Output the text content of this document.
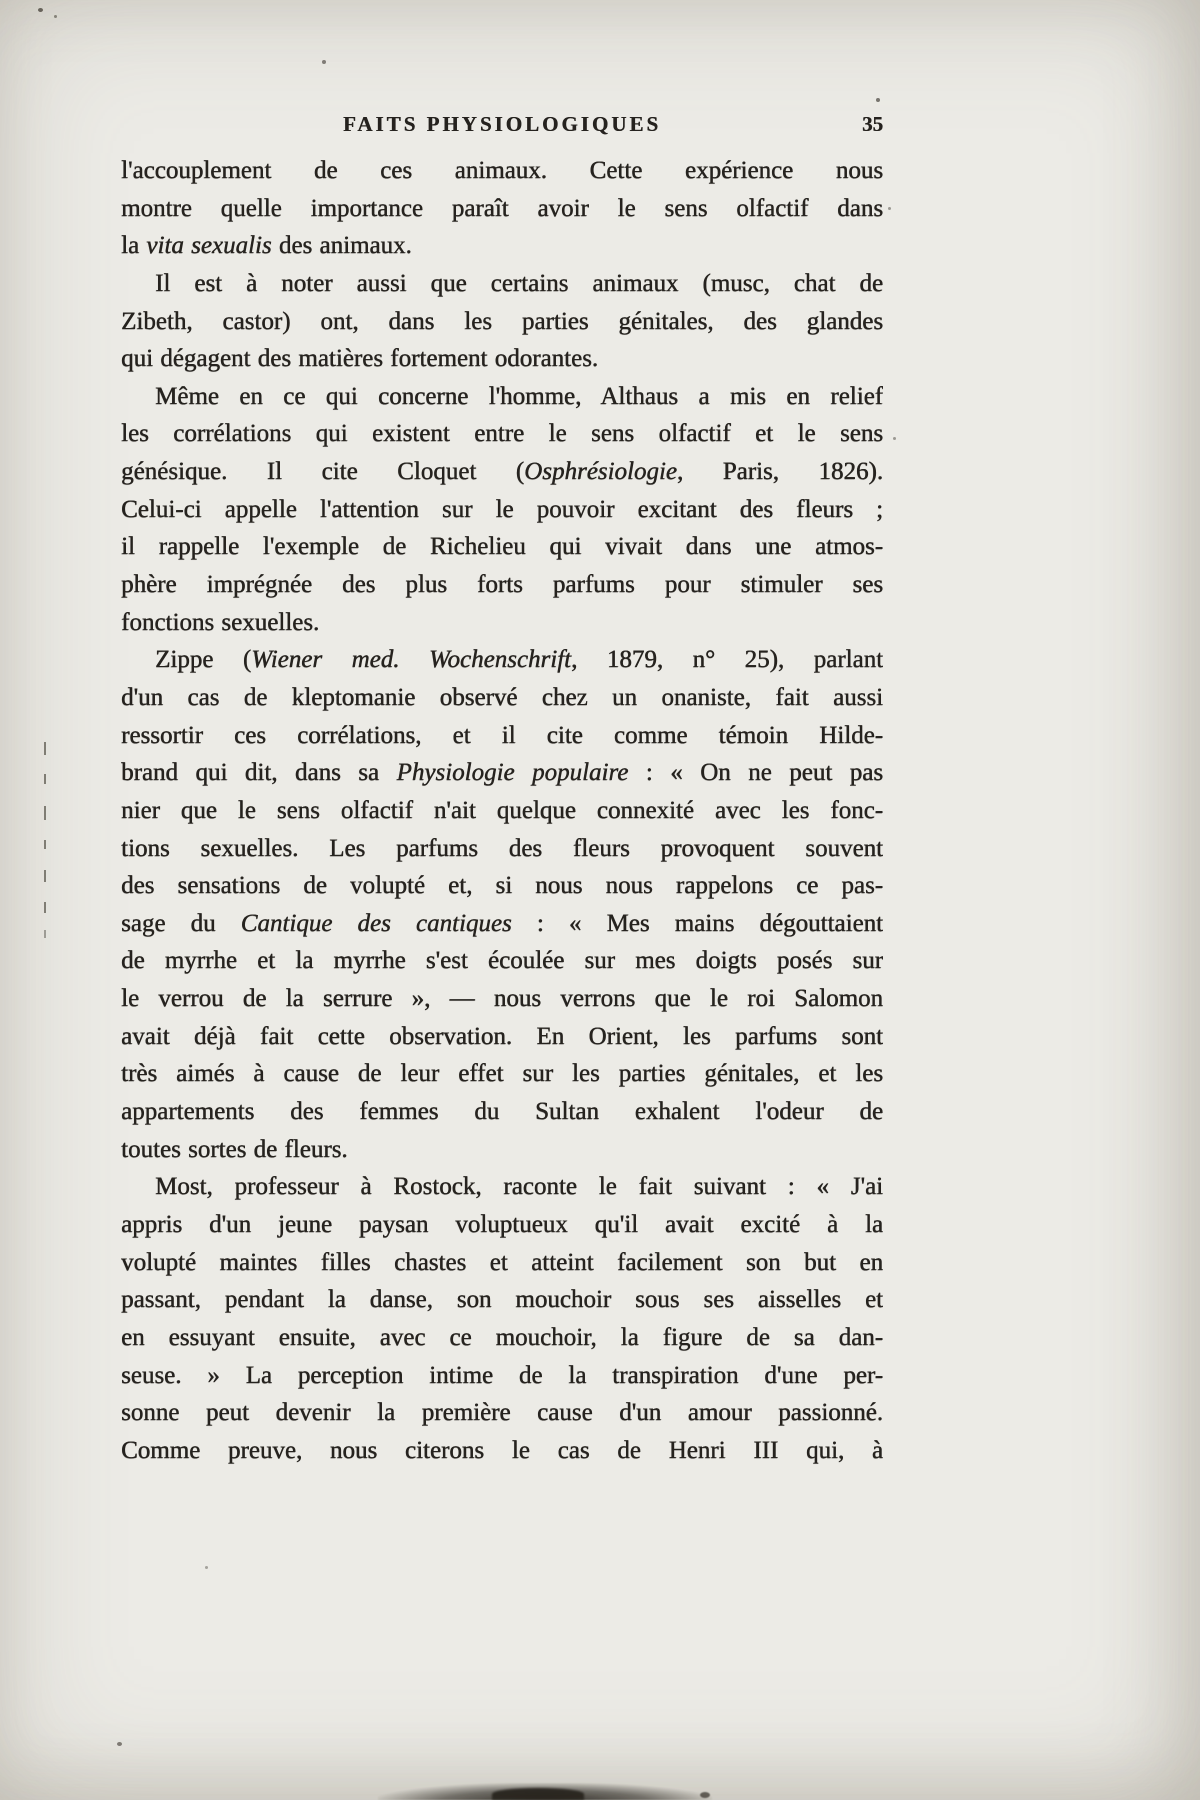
FAITS PHYSIOLOGIQUES	35
l'accouplement de ces animaux. Cette expérience nous
montre quelle importance paraît avoir le sens olfactif dans
la vita sexualis des animaux.
Il est à noter aussi que certains animaux (musc, chat de
Zibeth, castor) ont, dans les parties génitales, des glandes
qui dégagent des matières fortement odorantes.
Même en ce qui concerne l'homme, Althaus a mis en relief
les corrélations qui existent entre le sens olfactif et le sens
génésique. Il cite Cloquet (Osphrésiologie, Paris, 1826).
Celui-ci appelle l'attention sur le pouvoir excitant des fleurs ;
il rappelle l'exemple de Richelieu qui vivait dans une atmos-
phère imprégnée des plus forts parfums pour stimuler ses
fonctions sexuelles.
Zippe (Wiener med. Wochenschrift, 1879, n° 25), parlant
d'un cas de kleptomanie observé chez un onaniste, fait aussi
ressortir ces corrélations, et il cite comme témoin Hilde-
brand qui dit, dans sa Physiologie populaire : « On ne peut pas
nier que le sens olfactif n'ait quelque connexité avec les fonc-
tions sexuelles. Les parfums des fleurs provoquent souvent
des sensations de volupté et, si nous nous rappelons ce pas-
sage du Cantique des cantiques : « Mes mains dégouttaient
de myrrhe et la myrrhe s'est écoulée sur mes doigts posés sur
le verrou de la serrure », — nous verrons que le roi Salomon
avait déjà fait cette observation. En Orient, les parfums sont
très aimés à cause de leur effet sur les parties génitales, et les
appartements des femmes du Sultan exhalent l'odeur de
toutes sortes de fleurs.
Most, professeur à Rostock, raconte le fait suivant : « J'ai
appris d'un jeune paysan voluptueux qu'il avait excité à la
volupté maintes filles chastes et atteint facilement son but en
passant, pendant la danse, son mouchoir sous ses aisselles et
en essuyant ensuite, avec ce mouchoir, la figure de sa dan-
seuse. » La perception intime de la transpiration d'une per-
sonne peut devenir la première cause d'un amour passionné.
Comme preuve, nous citerons le cas de Henri III qui, à
